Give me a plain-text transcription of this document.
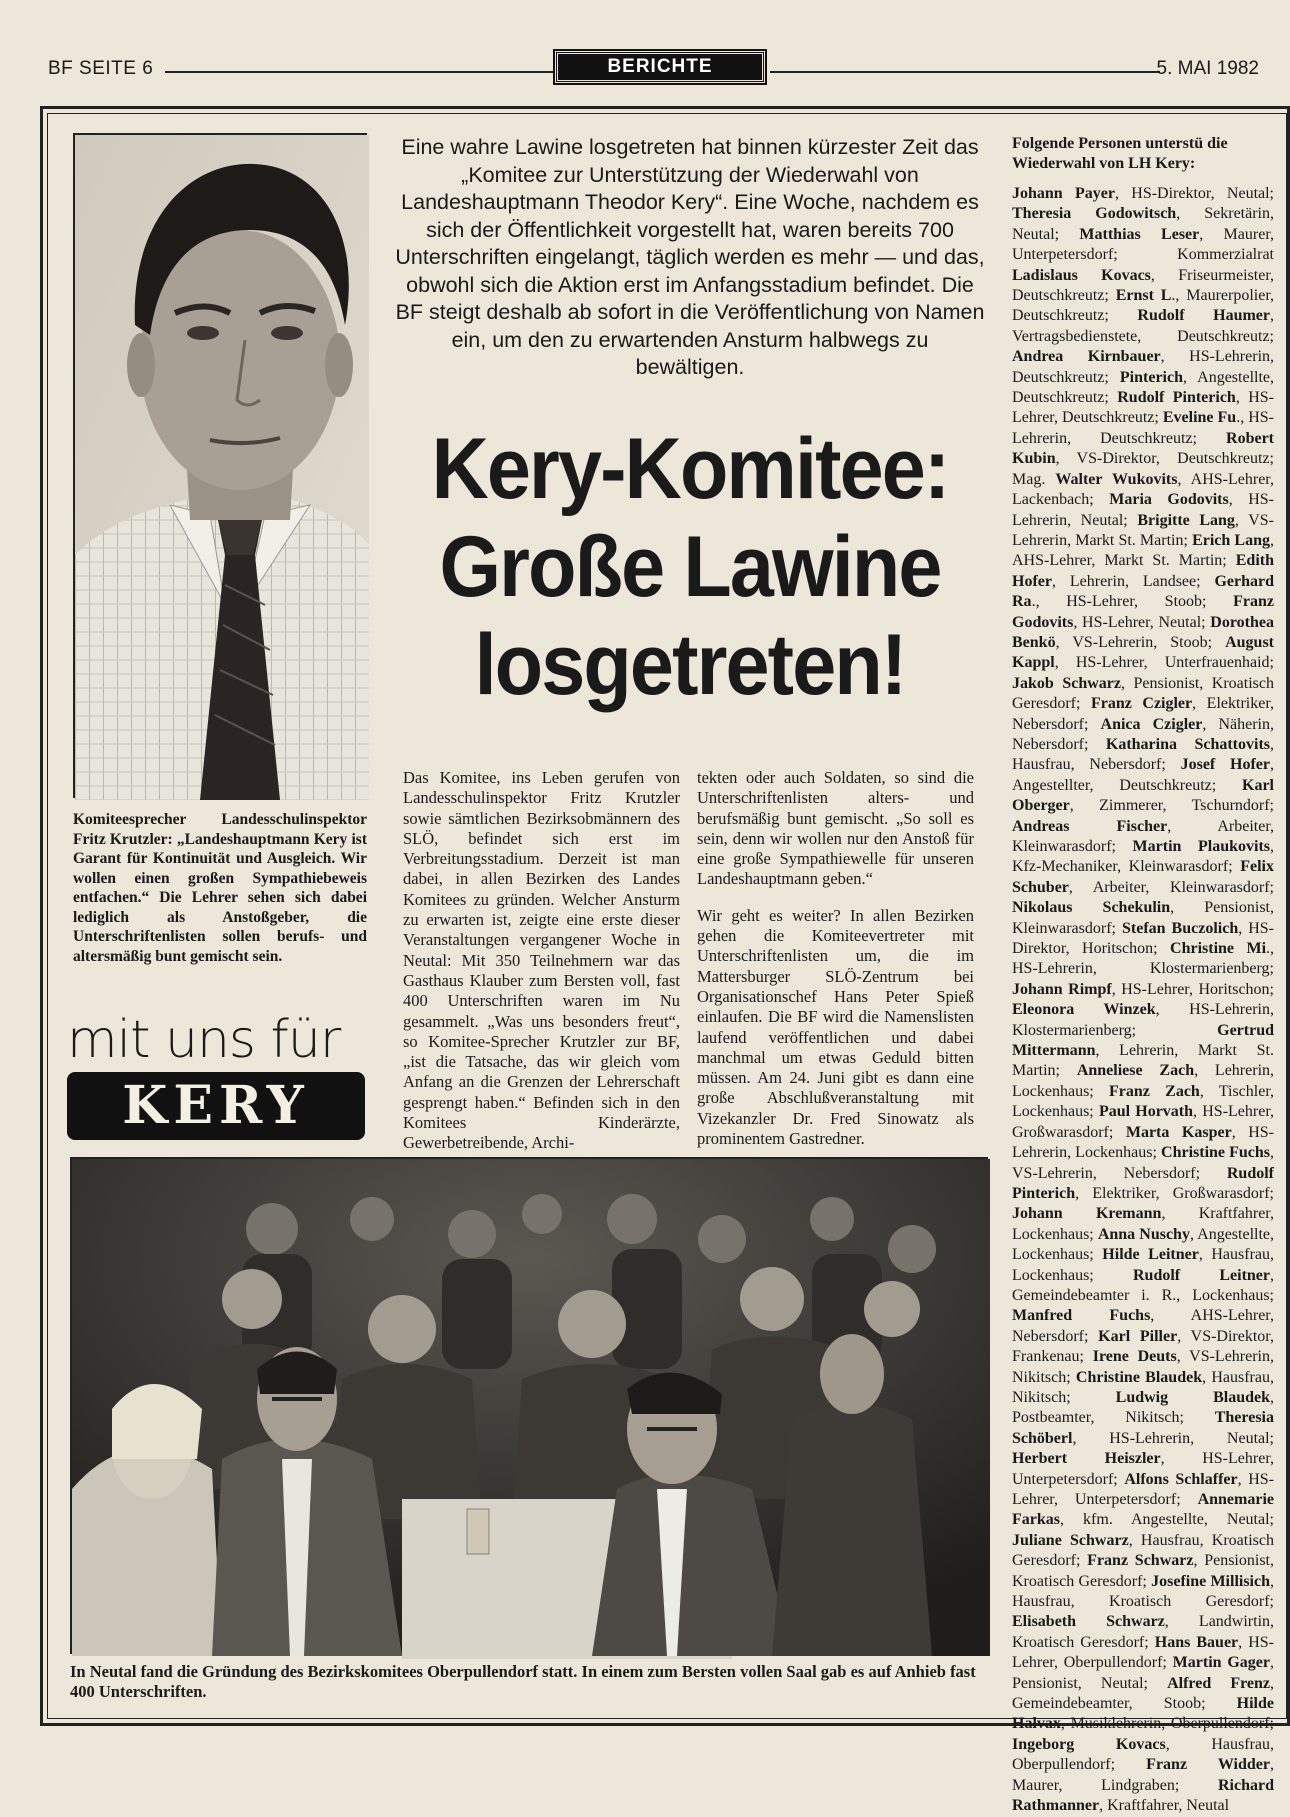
BF SEITE 6	BERICHTE	5. MAI 1982
Komiteesprecher Landesschulinspektor Fritz Krutzler: „Landeshauptmann Kery ist Garant für Kontinuität und Ausgleich. Wir wollen einen großen Sympathiebeweis entfachen.“ Die Lehrer sehen sich dabei lediglich als Anstoßgeber, die Unterschriftenlisten sollen berufs- und altersmäßig bunt gemischt sein.
mit uns für
KERY
Eine wahre Lawine losgetreten hat binnen kürzester Zeit das „Komitee zur Unterstützung der Wiederwahl von Landeshauptmann Theodor Kery“. Eine Woche, nachdem es sich der Öffentlichkeit vorgestellt hat, waren bereits 700 Unterschriften eingelangt, täglich werden es mehr — und das, obwohl sich die Aktion erst im Anfangsstadium befindet. Die BF steigt deshalb ab sofort in die Veröffentlichung von Namen ein, um den zu erwartenden Ansturm halbwegs zu bewältigen.
Kery-Komitee:
Große Lawine
losgetreten!
Das Komitee, ins Leben gerufen von Landesschulinspektor Fritz Krutzler sowie sämtlichen Bezirksobmännern des SLÖ, befindet sich erst im Verbreitungsstadium. Derzeit ist man dabei, in allen Bezirken des Landes Komitees zu gründen. Welcher Ansturm zu erwarten ist, zeigte eine erste dieser Veranstaltungen vergangener Woche in Neutal: Mit 350 Teilnehmern war das Gasthaus Klauber zum Bersten voll, fast 400 Unterschriften waren im Nu gesammelt. „Was uns besonders freut“, so Komitee-Sprecher Krutzler zur BF, „ist die Tatsache, das wir gleich vom Anfang an die Grenzen der Lehrerschaft gesprengt haben.“ Befinden sich in den Komitees Kinderärzte, Gewerbetreibende, Archi-
tekten oder auch Soldaten, so sind die Unterschriftenlisten alters- und berufsmäßig bunt gemischt. „So soll es sein, denn wir wollen nur den Anstoß für eine große Sympathiewelle für unseren Landeshauptmann geben.“
Wir geht es weiter? In allen Bezirken gehen die Komiteevertreter mit Unterschriftenlisten um, die im Mattersburger SLÖ-Zentrum bei Organisationschef Hans Peter Spieß einlaufen. Die BF wird die Namenslisten laufend veröffentlichen und dabei manchmal um etwas Geduld bitten müssen. Am 24. Juni gibt es dann eine große Abschlußveranstaltung mit Vizekanzler Dr. Fred Sinowatz als prominentem Gastredner.
In Neutal fand die Gründung des Bezirkskomitees Oberpullendorf statt. In einem zum Bersten vollen Saal gab es auf Anhieb fast 400 Unterschriften.
Folgende Personen unterstü die Wiederwahl von LH Kery:
Johann Payer, HS-Direktor, Neutal; Theresia Godowitsch, Sekretärin, Neutal; Matthias Leser, Maurer, Unterpetersdorf; Kommerzialrat Ladislaus Kovacs, Friseurmeister, Deutschkreutz; Ernst L., Maurerpolier, Deutschkreutz; Rudolf Haumer, Vertragsbedienstete, Deutschkreutz; Andrea Kirnbauer, HS-Lehrerin, Deutschkreutz; Pinterich, Angestellte, Deutschkreutz; Rudolf Pinterich, HS-Lehrer, Deutschkreutz; Eveline Fu., HS-Lehrerin, Deutschkreutz; Robert Kubin, VS-Direktor, Deutschkreutz; Mag. Walter Wukovits, AHS-Lehrer, Lackenbach; Maria Godovits, HS-Lehrerin, Neutal; Brigitte Lang, VS-Lehrerin, Markt St. Martin; Erich Lang, AHS-Lehrer, Markt St. Martin; Edith Hofer, Lehrerin, Landsee; Gerhard Ra., HS-Lehrer, Stoob; Franz Godovits, HS-Lehrer, Neutal; Dorothea Benkö, VS-Lehrerin, Stoob; August Kappl, HS-Lehrer, Unterfrauenhaid; Jakob Schwarz, Pensionist, Kroatisch Geresdorf; Franz Czigler, Elektriker, Nebersdorf; Anica Czigler, Näherin, Nebersdorf; Katharina Schattovits, Hausfrau, Nebersdorf; Josef Hofer, Angestellter, Deutschkreutz; Karl Oberger, Zimmerer, Tschurndorf; Andreas Fischer, Arbeiter, Kleinwarasdorf; Martin Plaukovits, Kfz-Mechaniker, Kleinwarasdorf; Felix Schuber, Arbeiter, Kleinwarasdorf; Nikolaus Schekulin, Pensionist, Kleinwarasdorf; Stefan Buczolich, HS-Direktor, Horitschon; Christine Mi., HS-Lehrerin, Klostermarienberg; Johann Rimpf, HS-Lehrer, Horitschon; Eleonora Winzek, HS-Lehrerin, Klostermarienberg; Gertrud Mittermann, Lehrerin, Markt St. Martin; Anneliese Zach, Lehrerin, Lockenhaus; Franz Zach, Tischler, Lockenhaus; Paul Horvath, HS-Lehrer, Großwarasdorf; Marta Kasper, HS-Lehrerin, Lockenhaus; Christine Fuchs, VS-Lehrerin, Nebersdorf; Rudolf Pinterich, Elektriker, Großwarasdorf; Johann Kremann, Kraftfahrer, Lockenhaus; Anna Nuschy, Angestellte, Lockenhaus; Hilde Leitner, Hausfrau, Lockenhaus; Rudolf Leitner, Gemeindebeamter i. R., Lockenhaus; Manfred Fuchs, AHS-Lehrer, Nebersdorf; Karl Piller, VS-Direktor, Frankenau; Irene Deuts, VS-Lehrerin, Nikitsch; Christine Blaudek, Hausfrau, Nikitsch; Ludwig Blaudek, Postbeamter, Nikitsch; Theresia Schöberl, HS-Lehrerin, Neutal; Herbert Heiszler, HS-Lehrer, Unterpetersdorf; Alfons Schlaffer, HS-Lehrer, Unterpetersdorf; Annemarie Farkas, kfm. Angestellte, Neutal; Juliane Schwarz, Hausfrau, Kroatisch Geresdorf; Franz Schwarz, Pensionist, Kroatisch Geresdorf; Josefine Millisich, Hausfrau, Kroatisch Geresdorf; Elisabeth Schwarz, Landwirtin, Kroatisch Geresdorf; Hans Bauer, HS-Lehrer, Oberpullendorf; Martin Gager, Pensionist, Neutal; Alfred Frenz, Gemeindebeamter, Stoob; Hilde Halvax, Musiklehrerin, Oberpullendorf; Ingeborg Kovacs, Hausfrau, Oberpullendorf; Franz Widder, Maurer, Lindgraben; Richard Rathmanner, Kraftfahrer, Neutal
